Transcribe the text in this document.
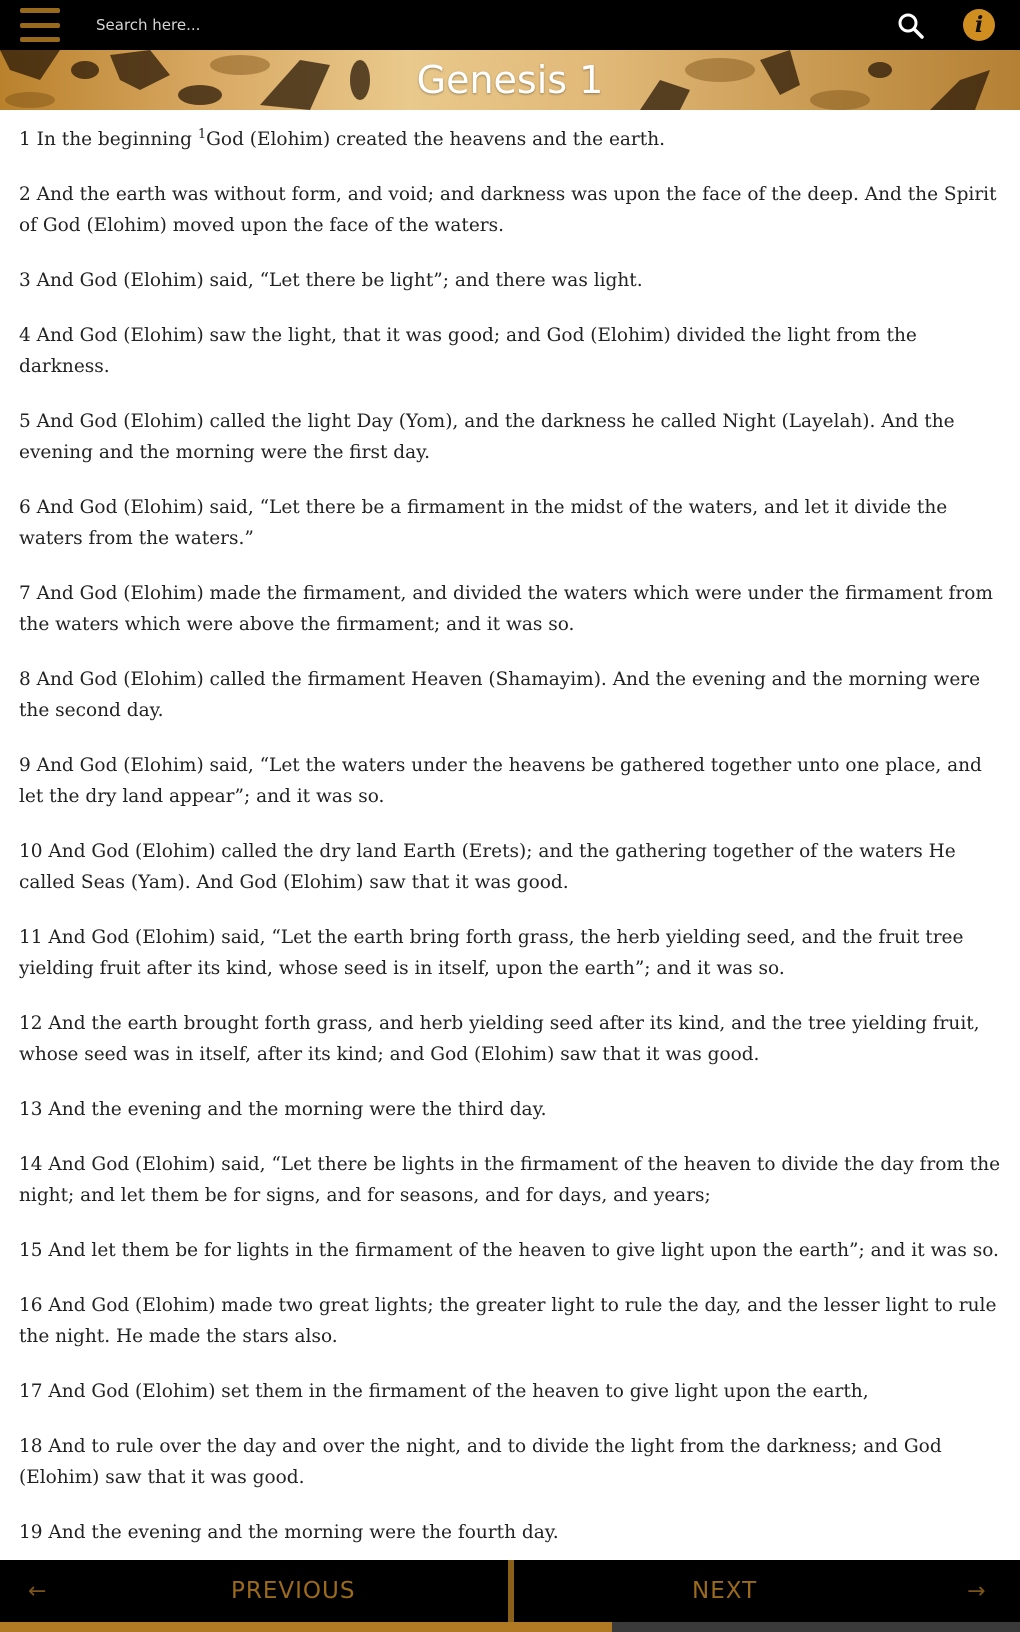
Search here...
i
Genesis 1

1 In the beginning $^1$God (Elohim) created the heavens and the earth.

2 And the earth was without form, and void; and darkness was upon the face of the deep. And the Spirit of God (Elohim) moved upon the face of the waters.

3 And God (Elohim) said, “Let there be light”; and there was light.

4 And God (Elohim) saw the light, that it was good; and God (Elohim) divided the light from the darkness.

5 And God (Elohim) called the light Day (Yom), and the darkness he called Night (Layelah). And the evening and the morning were the first day.

6 And God (Elohim) said, “Let there be a firmament in the midst of the waters, and let it divide the waters from the waters.”

7 And God (Elohim) made the firmament, and divided the waters which were under the firmament from the waters which were above the firmament; and it was so.

8 And God (Elohim) called the firmament Heaven (Shamayim). And the evening and the morning were the second day.

9 And God (Elohim) said, “Let the waters under the heavens be gathered together unto one place, and let the dry land appear”; and it was so.

10 And God (Elohim) called the dry land Earth (Erets); and the gathering together of the waters He called Seas (Yam). And God (Elohim) saw that it was good.

11 And God (Elohim) said, “Let the earth bring forth grass, the herb yielding seed, and the fruit tree yielding fruit after its kind, whose seed is in itself, upon the earth”; and it was so.

12 And the earth brought forth grass, and herb yielding seed after its kind, and the tree yielding fruit, whose seed was in itself, after its kind; and God (Elohim) saw that it was good.

13 And the evening and the morning were the third day.

14 And God (Elohim) said, “Let there be lights in the firmament of the heaven to divide the day from the night; and let them be for signs, and for seasons, and for days, and years;

15 And let them be for lights in the firmament of the heaven to give light upon the earth”; and it was so.

16 And God (Elohim) made two great lights; the greater light to rule the day, and the lesser light to rule the night. He made the stars also.

17 And God (Elohim) set them in the firmament of the heaven to give light upon the earth,

18 And to rule over the day and over the night, and to divide the light from the darkness; and God (Elohim) saw that it was good.

19 And the evening and the morning were the fourth day.

←	PREVIOUS	NEXT	→
